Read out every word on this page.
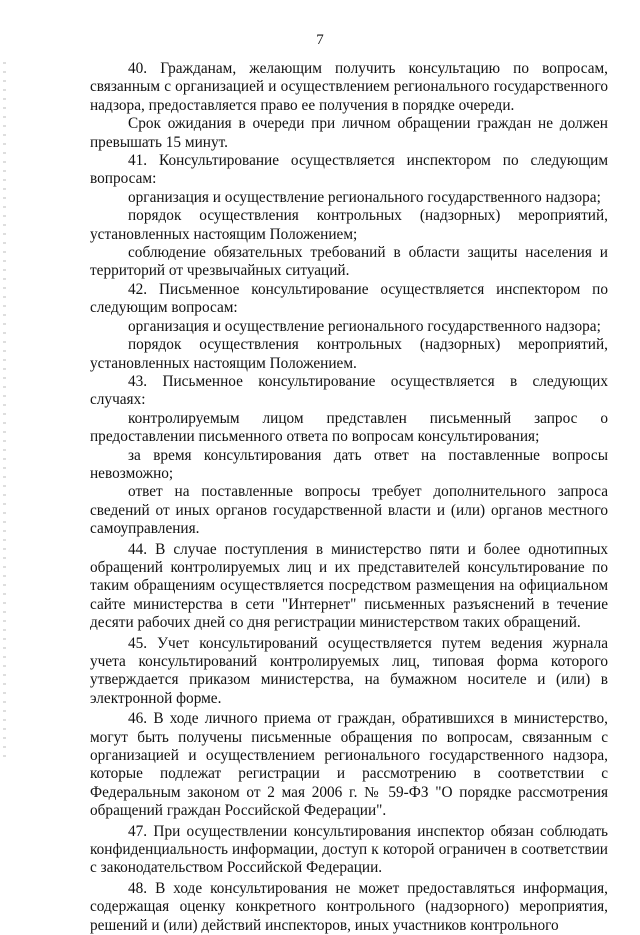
7

40. Гражданам, желающим получить консультацию по вопросам, связанным с организацией и осуществлением регионального государственного надзора, предоставляется право ее получения в порядке очереди.

Срок ожидания в очереди при личном обращении граждан не должен превышать 15 минут.

41. Консультирование осуществляется инспектором по следующим вопросам:

организация и осуществление регионального государственного надзора;

порядок осуществления контрольных (надзорных) мероприятий, установленных настоящим Положением;

соблюдение обязательных требований в области защиты населения и территорий от чрезвычайных ситуаций.

42. Письменное консультирование осуществляется инспектором по следующим вопросам:

организация и осуществление регионального государственного надзора;

порядок осуществления контрольных (надзорных) мероприятий, установленных настоящим Положением.

43. Письменное консультирование осуществляется в следующих случаях:

контролируемым лицом представлен письменный запрос о предоставлении письменного ответа по вопросам консультирования;

за время консультирования дать ответ на поставленные вопросы невозможно;

ответ на поставленные вопросы требует дополнительного запроса сведений от иных органов государственной власти и (или) органов местного самоуправления.

44. В случае поступления в министерство пяти и более однотипных обращений контролируемых лиц и их представителей консультирование по таким обращениям осуществляется посредством размещения на официальном сайте министерства в сети "Интернет" письменных разъяснений в течение десяти рабочих дней со дня регистрации министерством таких обращений.

45. Учет консультирований осуществляется путем ведения журнала учета консультирований контролируемых лиц, типовая форма которого утверждается приказом министерства, на бумажном носителе и (или) в электронной форме.

46. В ходе личного приема от граждан, обратившихся в министерство, могут быть получены письменные обращения по вопросам, связанным с организацией и осуществлением регионального государственного надзора, которые подлежат регистрации и рассмотрению в соответствии с Федеральным законом от 2 мая 2006 г. № 59-ФЗ "О порядке рассмотрения обращений граждан Российской Федерации".

47. При осуществлении консультирования инспектор обязан соблюдать конфиденциальность информации, доступ к которой ограничен в соответствии с законодательством Российской Федерации.

48. В ходе консультирования не может предоставляться информация, содержащая оценку конкретного контрольного (надзорного) мероприятия, решений и (или) действий инспекторов, иных участников контрольного
